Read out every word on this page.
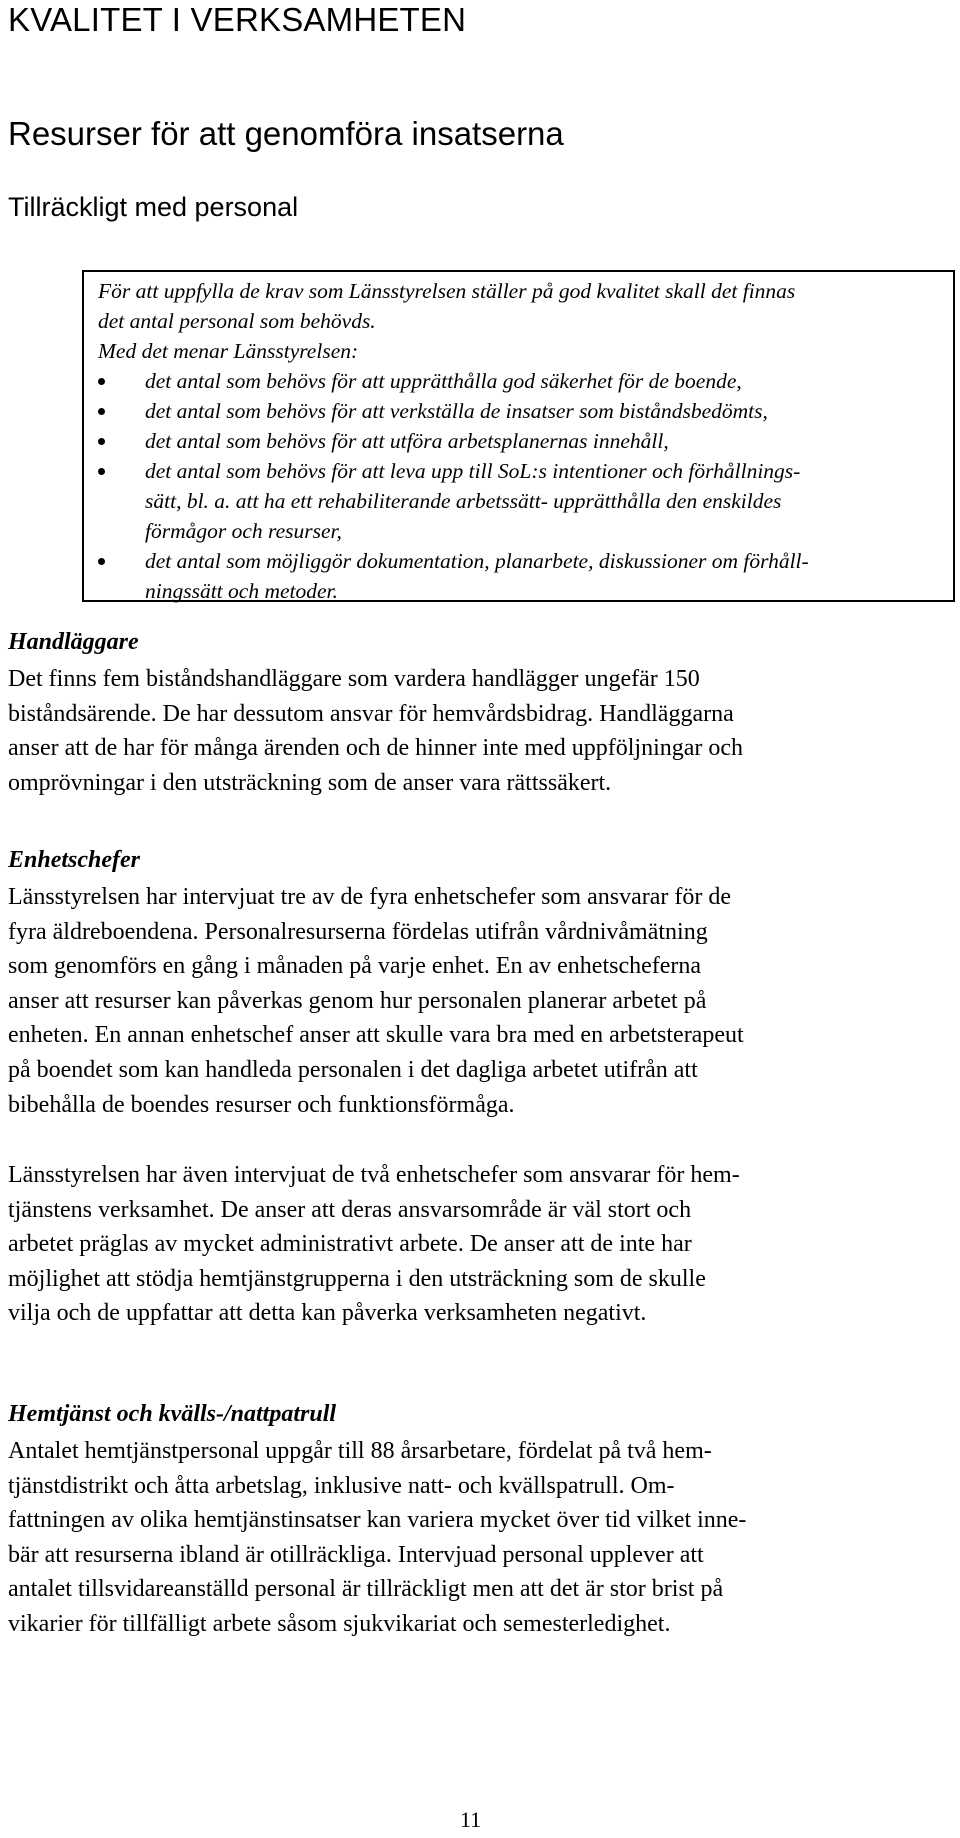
KVALITET I VERKSAMHETEN
Resurser för att genomföra insatserna
Tillräckligt med personal

För att uppfylla de krav som Länsstyrelsen ställer på god kvalitet skall det finnas
det antal personal som behövds.
Med det menar Länsstyrelsen:

det antal som behövs för att upprätthålla god säkerhet för de boende,
det antal som behövs för att verkställa de insatser som biståndsbedömts,
det antal som behövs för att utföra arbetsplanernas innehåll,
det antal som behövs för att leva upp till SoL:s intentioner och förhållnings-
sätt, bl. a. att ha ett rehabiliterande arbetssätt- upprätthålla den enskildes
förmågor och resurser,
det antal som möjliggör dokumentation, planarbete, diskussioner om förhåll-
ningssätt och metoder.
Handläggare

Det finns fem biståndshandläggare som vardera handlägger ungefär 150
biståndsärende. De har dessutom ansvar för hemvårdsbidrag. Handläggarna
anser att de har för många ärenden och de hinner inte med uppföljningar och
omprövningar i den utsträckning som de anser vara rättssäkert.

Enhetschefer

Länsstyrelsen har intervjuat tre av de fyra enhetschefer som ansvarar för de
fyra äldreboendena. Personalresurserna fördelas utifrån vårdnivåmätning
som genomförs en gång i månaden på varje enhet. En av enhetscheferna
anser att resurser kan påverkas genom hur personalen planerar arbetet på
enheten. En annan enhetschef anser att skulle vara bra med en arbetsterapeut
på boendet som kan handleda personalen i det dagliga arbetet utifrån att
bibehålla de boendes resurser och funktionsförmåga.

Länsstyrelsen har även intervjuat de två enhetschefer som ansvarar för hem-
tjänstens verksamhet. De anser att deras ansvarsområde är väl stort och
arbetet präglas av mycket administrativt arbete. De anser att de inte har
möjlighet att stödja hemtjänstgrupperna i den utsträckning som de skulle
vilja och de uppfattar att detta kan påverka verksamheten negativt.

Hemtjänst och kvälls-/nattpatrull

Antalet hemtjänstpersonal uppgår till 88 årsarbetare, fördelat på två hem-
tjänstdistrikt och åtta arbetslag, inklusive natt- och kvällspatrull. Om-
fattningen av olika hemtjänstinsatser kan variera mycket över tid vilket inne-
bär att resurserna ibland är otillräckliga. Intervjuad personal upplever att
antalet tillsvidareanställd personal är tillräckligt men att det är stor brist på
vikarier för tillfälligt arbete såsom sjukvikariat och semesterledighet.

11
